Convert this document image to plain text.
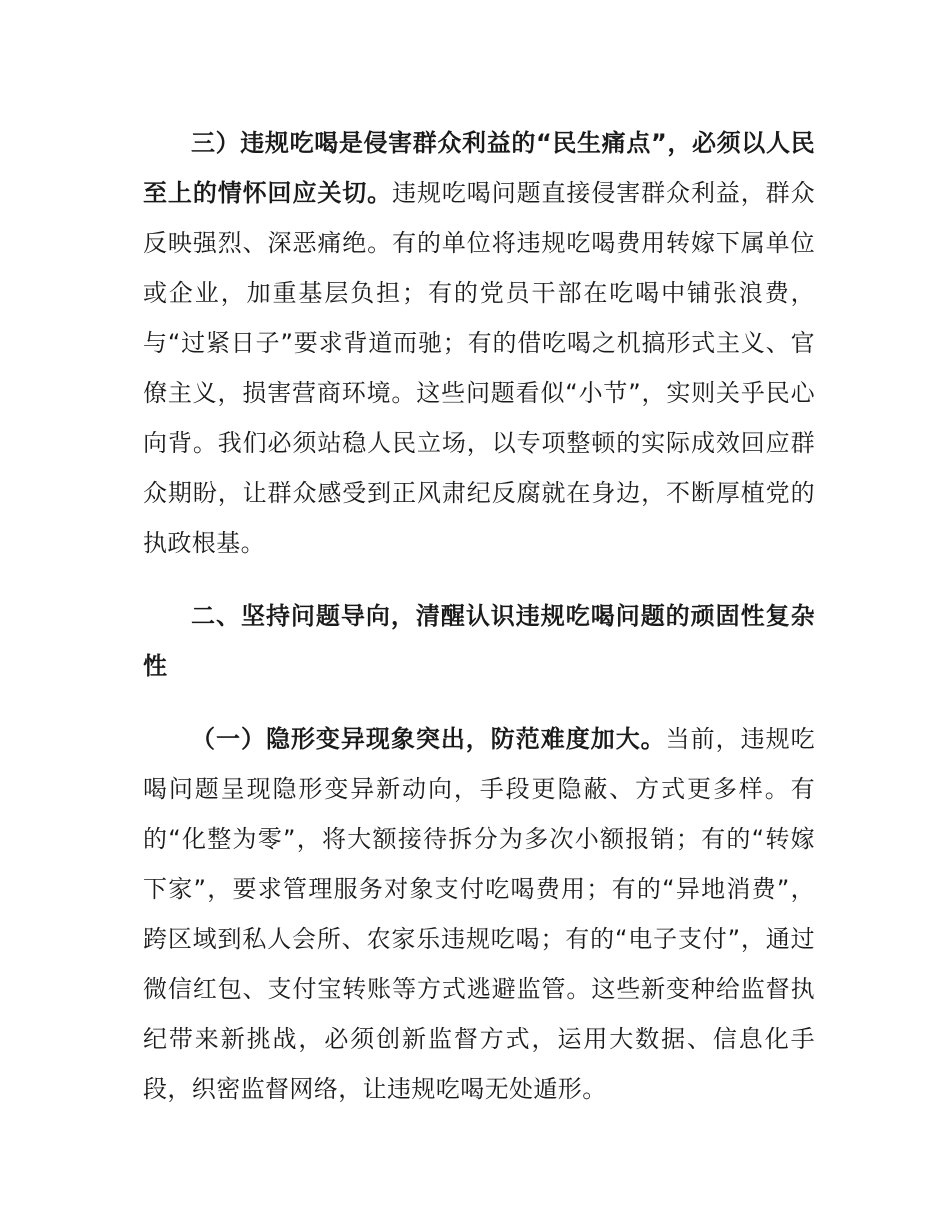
三）违规吃喝是侵害群众利益的“民生痛点”，必须以人民至上的情怀回应关切。违规吃喝问题直接侵害群众利益，群众反映强烈、深恶痛绝。有的单位将违规吃喝费用转嫁下属单位或企业，加重基层负担；有的党员干部在吃喝中铺张浪费，与“过紧日子”要求背道而驰；有的借吃喝之机搞形式主义、官僚主义，损害营商环境。这些问题看似“小节”，实则关乎民心向背。我们必须站稳人民立场，以专项整顿的实际成效回应群众期盼，让群众感受到正风肃纪反腐就在身边，不断厚植党的执政根基。

二、坚持问题导向，清醒认识违规吃喝问题的顽固性复杂性

（一）隐形变异现象突出，防范难度加大。当前，违规吃喝问题呈现隐形变异新动向，手段更隐蔽、方式更多样。有的“化整为零”，将大额接待拆分为多次小额报销；有的“转嫁下家”，要求管理服务对象支付吃喝费用；有的“异地消费”，跨区域到私人会所、农家乐违规吃喝；有的“电子支付”，通过微信红包、支付宝转账等方式逃避监管。这些新变种给监督执纪带来新挑战，必须创新监督方式，运用大数据、信息化手段，织密监督网络，让违规吃喝无处遁形。
